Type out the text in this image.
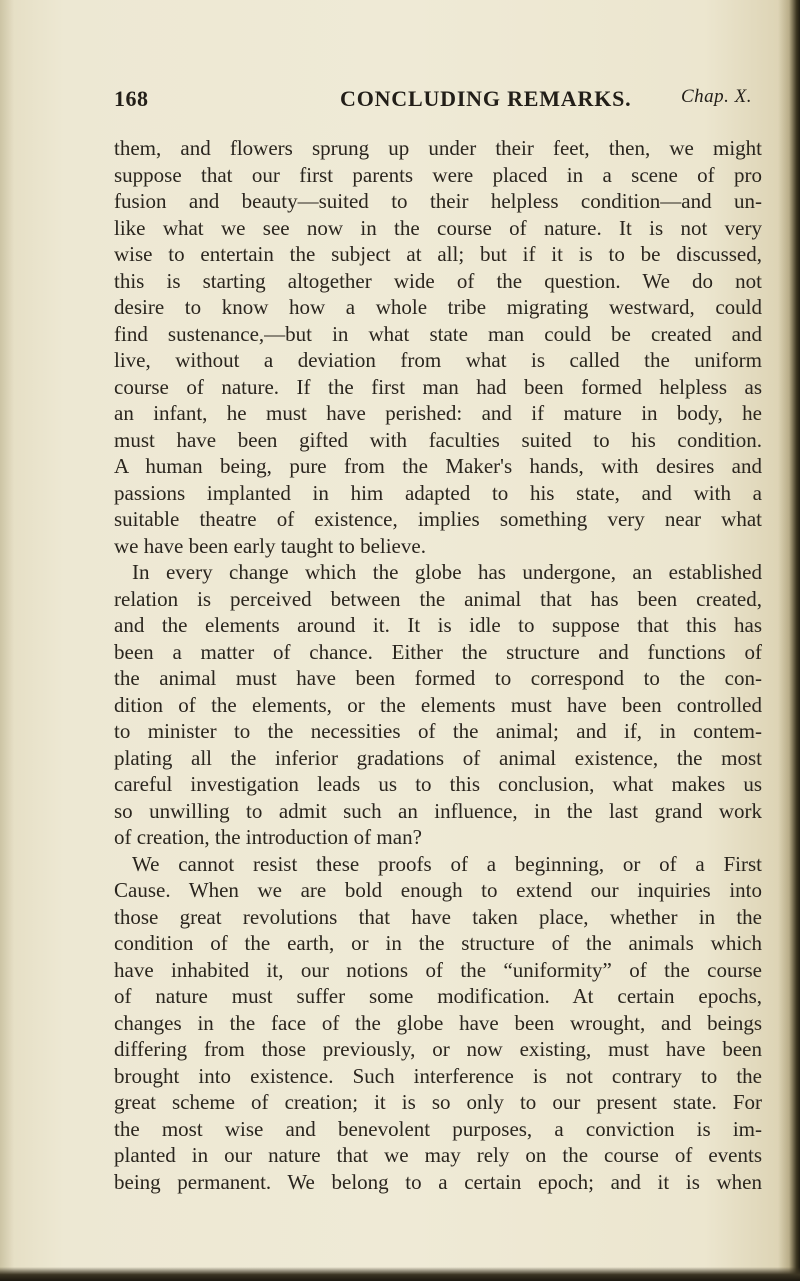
168	CONCLUDING REMARKS.	Chap. X.
them, and flowers sprung up under their feet, then, we might
suppose that our first parents were placed in a scene of pro
fusion and beauty—suited to their helpless condition—and un-
like what we see now in the course of nature. It is not very
wise to entertain the subject at all; but if it is to be discussed,
this is starting altogether wide of the question. We do not
desire to know how a whole tribe migrating westward, could
find sustenance,—but in what state man could be created and
live, without a deviation from what is called the uniform
course of nature. If the first man had been formed helpless as
an infant, he must have perished: and if mature in body, he
must have been gifted with faculties suited to his condition.
A human being, pure from the Maker's hands, with desires and
passions implanted in him adapted to his state, and with a
suitable theatre of existence, implies something very near what
we have been early taught to believe.
In every change which the globe has undergone, an established
relation is perceived between the animal that has been created,
and the elements around it. It is idle to suppose that this has
been a matter of chance. Either the structure and functions of
the animal must have been formed to correspond to the con-
dition of the elements, or the elements must have been controlled
to minister to the necessities of the animal; and if, in contem-
plating all the inferior gradations of animal existence, the most
careful investigation leads us to this conclusion, what makes us
so unwilling to admit such an influence, in the last grand work
of creation, the introduction of man?
We cannot resist these proofs of a beginning, or of a First
Cause. When we are bold enough to extend our inquiries into
those great revolutions that have taken place, whether in the
condition of the earth, or in the structure of the animals which
have inhabited it, our notions of the “uniformity” of the course
of nature must suffer some modification. At certain epochs,
changes in the face of the globe have been wrought, and beings
differing from those previously, or now existing, must have been
brought into existence. Such interference is not contrary to the
great scheme of creation; it is so only to our present state. For
the most wise and benevolent purposes, a conviction is im-
planted in our nature that we may rely on the course of events
being permanent. We belong to a certain epoch; and it is when
